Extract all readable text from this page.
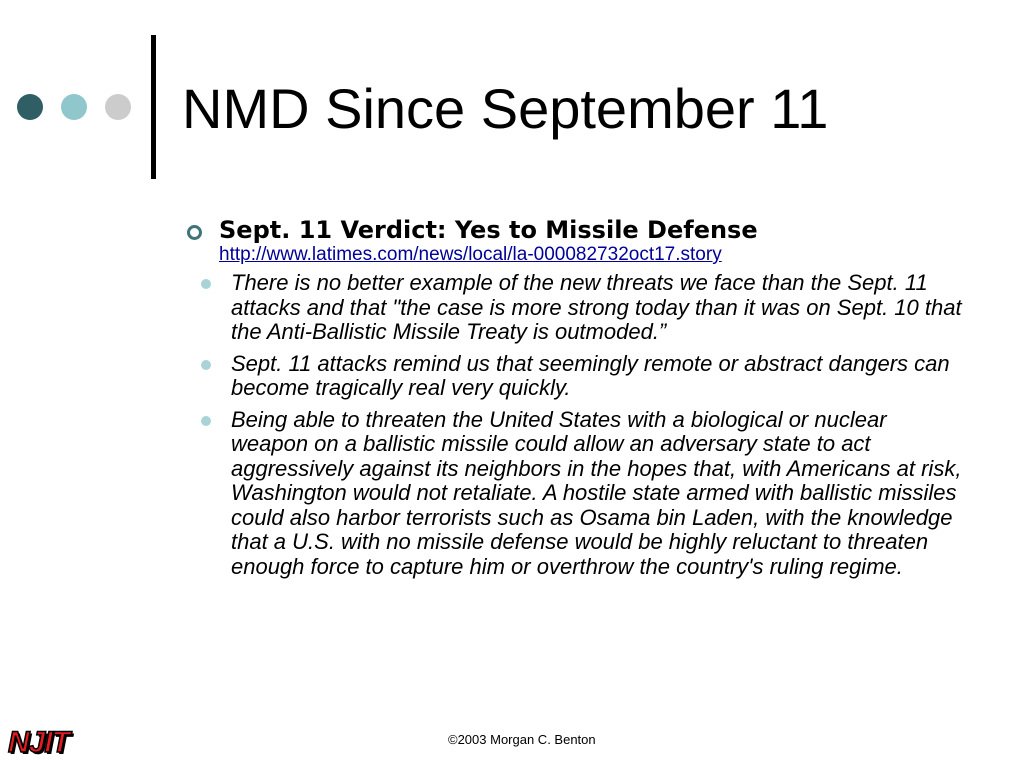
NMD Since September 11
Sept. 11 Verdict: Yes to Missile Defense
http://www.latimes.com/news/local/la-000082732oct17.story
There is no better example of the new threats we face than the Sept. 11 attacks and that "the case is more strong today than it was on Sept. 10 that the Anti-Ballistic Missile Treaty is outmoded.”
Sept. 11 attacks remind us that seemingly remote or abstract dangers can become tragically real very quickly.
Being able to threaten the United States with a biological or nuclear weapon on a ballistic missile could allow an adversary state to act aggressively against its neighbors in the hopes that, with Americans at risk, Washington would not retaliate. A hostile state armed with ballistic missiles could also harbor terrorists such as Osama bin Laden, with the knowledge that a U.S. with no missile defense would be highly reluctant to threaten enough force to capture him or overthrow the country's ruling regime.
NJIT	©2003 Morgan C. Benton
